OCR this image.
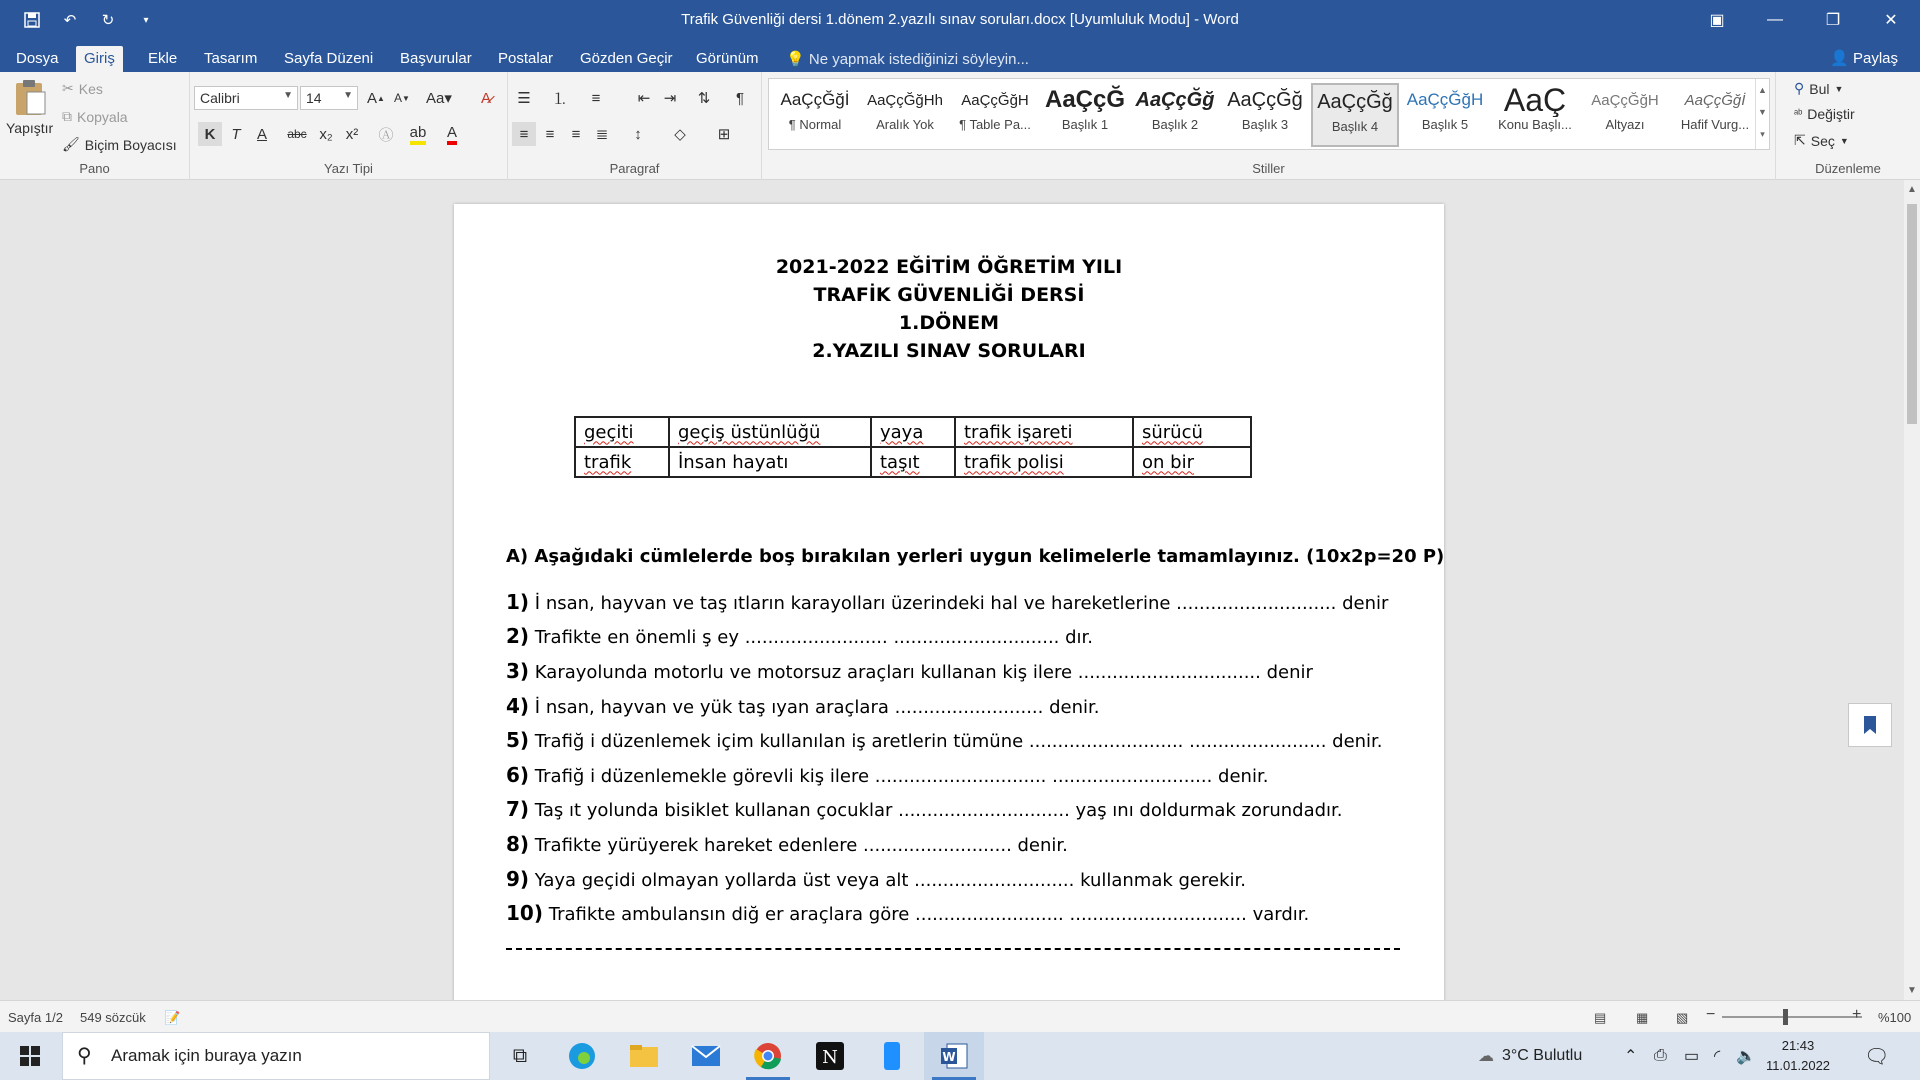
↶	↻	▾	Trafik Güvenliği dersi 1.dönem 2.yazılı sınav soruları.docx [Uyumluluk Modu] - Word	▣	—	❐	✕
Dosya	Giriş	Ekle	Tasarım	Sayfa Düzeni	Başvurular	Postalar	Gözden Geçir	Görünüm	💡 Ne yapmak istediğinizi söyleyin...	👤 Paylaş
Yapıştır
✂ Kes
⧉ Kopyala
🖌 Biçim Boyacısı
Pano
Calibri	▼ 14 ▼ A ▲ A ▼ Aa ▾	A̷
K	T	A	abc x₂ x²	Ⓐ	ab A
Yazı Tipi
☰	⒈	≡	⇤ ⇥	⇅	¶
≡	≡	≡	≣	↕	◇	⊞
Paragraf	Stiller
AaÇçĞğİ
¶ Normal
AaÇçĞğHh
Aralık Yok
AaÇçĞğH
¶ Table Pa...
AaÇçĞ
Başlık 1
AaÇçĞğ
Başlık 2
AaÇçĞğ
Başlık 3
AaÇçĞğ
Başlık 4
AaÇçĞğH
Başlık 5
AaÇ
Konu Başlı...
AaÇçĞğH
Altyazı
AaÇçĞğİ
Hafif Vurg...
▲
▼
▾
⚲ Bul ▼
ᵃᵇ Değiştir
⇱ Seç ▼
Düzenleme
2021-2022 EĞİTİM ÖĞRETİM YILI
TRAFİK GÜVENLİĞİ DERSİ
1.DÖNEM
2.YAZILI SINAV SORULARI
geçiti	geçiş üstünlüğü	yaya	trafik işareti	sürücü
trafik	İnsan hayatı	taşıt	trafik polisi	on bir
A) Aşağıdaki cümlelerde boş bırakılan yerleri uygun kelimelerle tamamlayınız. (10x2p=20 P)
1) İ nsan, hayvan ve taş ıtların karayolları üzerindeki hal ve hareketlerine ............................ denir
2) Trafikte en önemli ş ey ......................... ............................. dır.
3) Karayolunda motorlu ve motorsuz araçları kullanan kiş ilere ................................ denir
4) İ nsan, hayvan ve yük taş ıyan araçlara .......................... denir.
5) Trafiğ i düzenlemek içim kullanılan iş aretlerin tümüne ........................... ........................ denir.
6) Trafiğ i düzenlemekle görevli kiş ilere .............................. ............................ denir.
7) Taş ıt yolunda bisiklet kullanan çocuklar .............................. yaş ını doldurmak zorundadır.
8) Trafikte yürüyerek hareket edenlere .......................... denir.
9) Yaya geçidi olmayan yollarda üst veya alt ............................ kullanmak gerekir.
10) Trafikte ambulansın diğ er araçlara göre .......................... ............................... vardır.
▲
▼
Sayfa 1/2 549 sözcük 📝	▤ ▦ ▧ −	+ %100
⚲ Aramak için buraya yazın	⧉	N	W	☁ 3°C Bulutlu	⌃ ⎙ ▭ ◜ 🔈
21:43
11.01.2022 🗨
